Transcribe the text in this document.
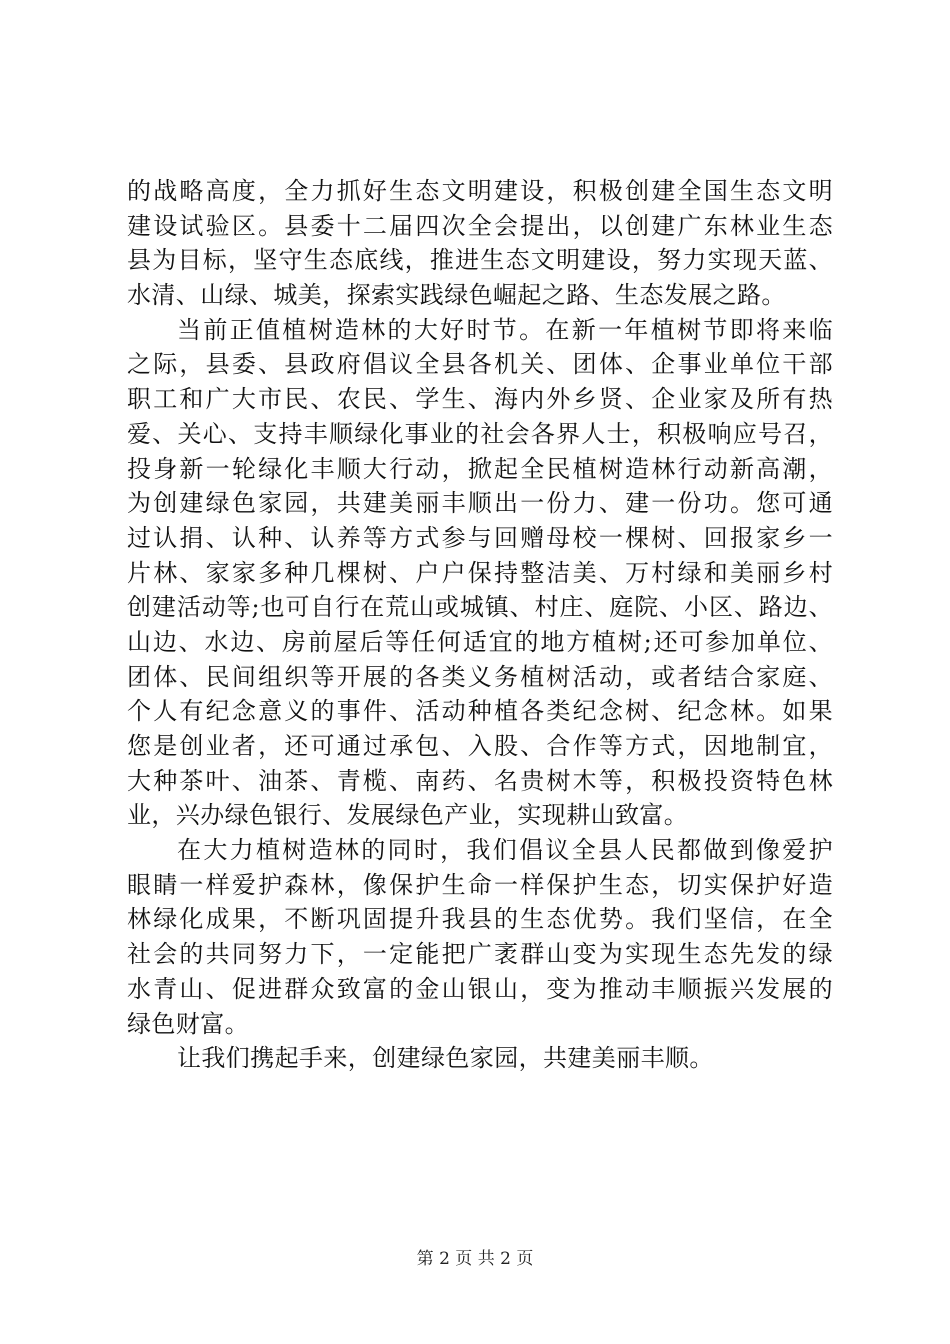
的战略高度，全力抓好生态文明建设，积极创建全国生态文明
建设试验区。县委十二届四次全会提出，以创建广东林业生态
县为目标，坚守生态底线，推进生态文明建设，努力实现天蓝、
水清、山绿、城美，探索实践绿色崛起之路、生态发展之路。
当前正值植树造林的大好时节。在新一年植树节即将来临
之际，县委、县政府倡议全县各机关、团体、企事业单位干部
职工和广大市民、农民、学生、海内外乡贤、企业家及所有热
爱、关心、支持丰顺绿化事业的社会各界人士，积极响应号召，
投身新一轮绿化丰顺大行动，掀起全民植树造林行动新高潮，
为创建绿色家园，共建美丽丰顺出一份力、建一份功。您可通
过认捐、认种、认养等方式参与回赠母校一棵树、回报家乡一
片林、家家多种几棵树、户户保持整洁美、万村绿和美丽乡村
创建活动等;也可自行在荒山或城镇、村庄、庭院、小区、路边、
山边、水边、房前屋后等任何适宜的地方植树;还可参加单位、
团体、民间组织等开展的各类义务植树活动，或者结合家庭、
个人有纪念意义的事件、活动种植各类纪念树、纪念林。如果
您是创业者，还可通过承包、入股、合作等方式，因地制宜，
大种茶叶、油茶、青榄、南药、名贵树木等，积极投资特色林
业，兴办绿色银行、发展绿色产业，实现耕山致富。
在大力植树造林的同时，我们倡议全县人民都做到像爱护
眼睛一样爱护森林，像保护生命一样保护生态，切实保护好造
林绿化成果，不断巩固提升我县的生态优势。我们坚信，在全
社会的共同努力下，一定能把广袤群山变为实现生态先发的绿
水青山、促进群众致富的金山银山，变为推动丰顺振兴发展的
绿色财富。
让我们携起手来，创建绿色家园，共建美丽丰顺。
第 2 页 共 2 页
